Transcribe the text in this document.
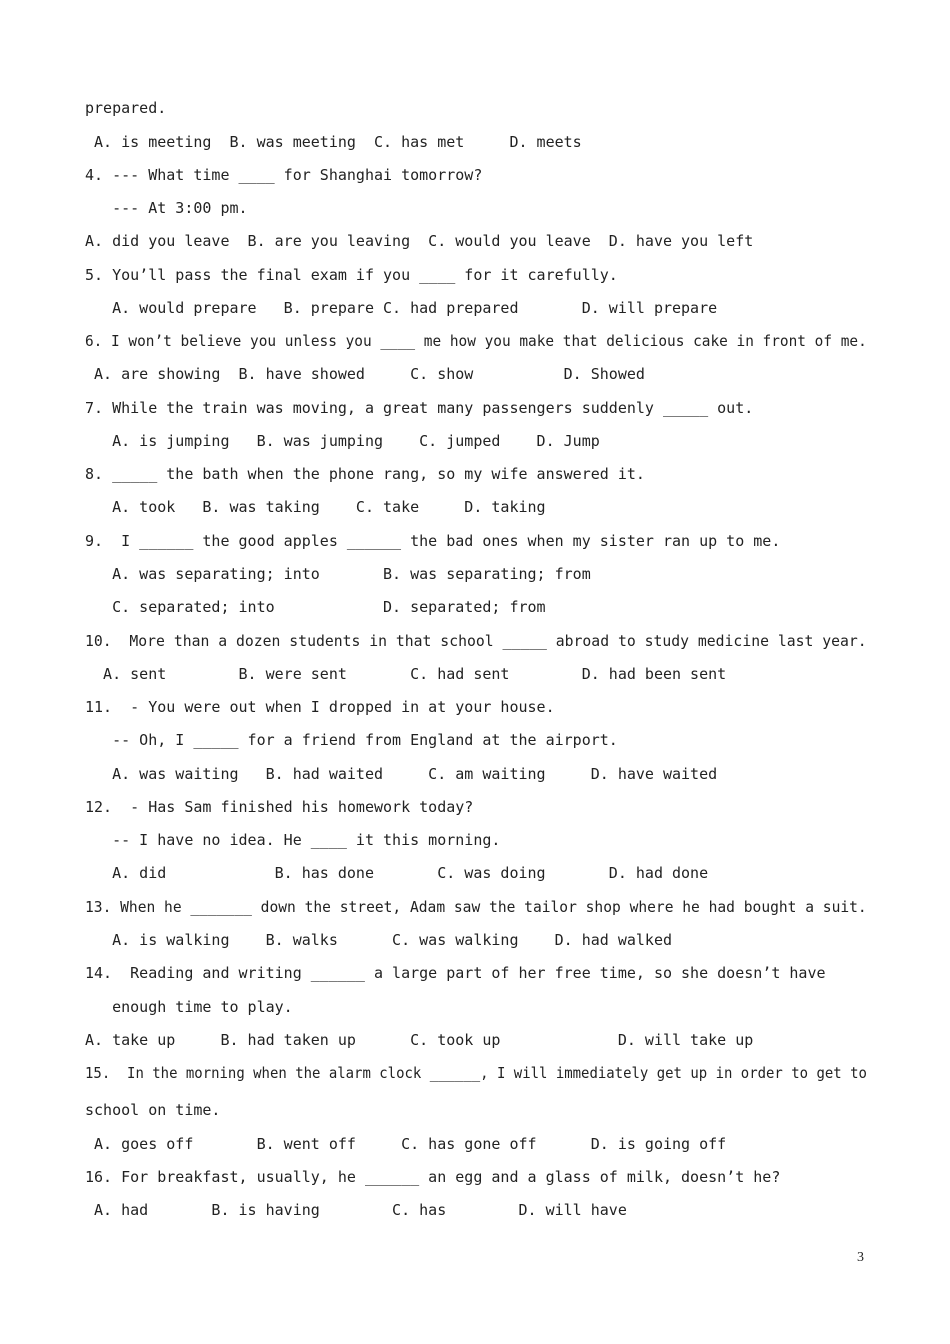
prepared.
A. is meeting  B. was meeting  C. has met     D. meets
4. --- What time ____ for Shanghai tomorrow?
--- At 3:00 pm.
A. did you leave  B. are you leaving  C. would you leave  D. have you left
5. You’ll pass the final exam if you ____ for it carefully.
A. would prepare   B. prepare C. had prepared       D. will prepare
6. I won’t believe you unless you ____ me how you make that delicious cake in front of me.
A. are showing  B. have showed     C. show          D. Showed
7. While the train was moving, a great many passengers suddenly _____ out.
A. is jumping   B. was jumping    C. jumped    D. Jump
8. _____ the bath when the phone rang, so my wife answered it.
A. took   B. was taking    C. take     D. taking
9.  I ______ the good apples ______ the bad ones when my sister ran up to me.
A. was separating; into       B. was separating; from
C. separated; into            D. separated; from
10.  More than a dozen students in that school _____ abroad to study medicine last year.
A. sent        B. were sent       C. had sent        D. had been sent
11.  - You were out when I dropped in at your house.
-- Oh, I _____ for a friend from England at the airport.
A. was waiting   B. had waited     C. am waiting     D. have waited
12.  - Has Sam finished his homework today?
-- I have no idea. He ____ it this morning.
A. did            B. has done       C. was doing       D. had done
13. When he _______ down the street, Adam saw the tailor shop where he had bought a suit.
A. is walking    B. walks      C. was walking    D. had walked
14.  Reading and writing ______ a large part of her free time, so she doesn’t have
enough time to play.
A. take up     B. had taken up      C. took up             D. will take up
15.  In the morning when the alarm clock ______, I will immediately get up in order to get to
school on time.
A. goes off       B. went off     C. has gone off      D. is going off
16. For breakfast, usually, he ______ an egg and a glass of milk, doesn’t he?
A. had       B. is having        C. has        D. will have
3
